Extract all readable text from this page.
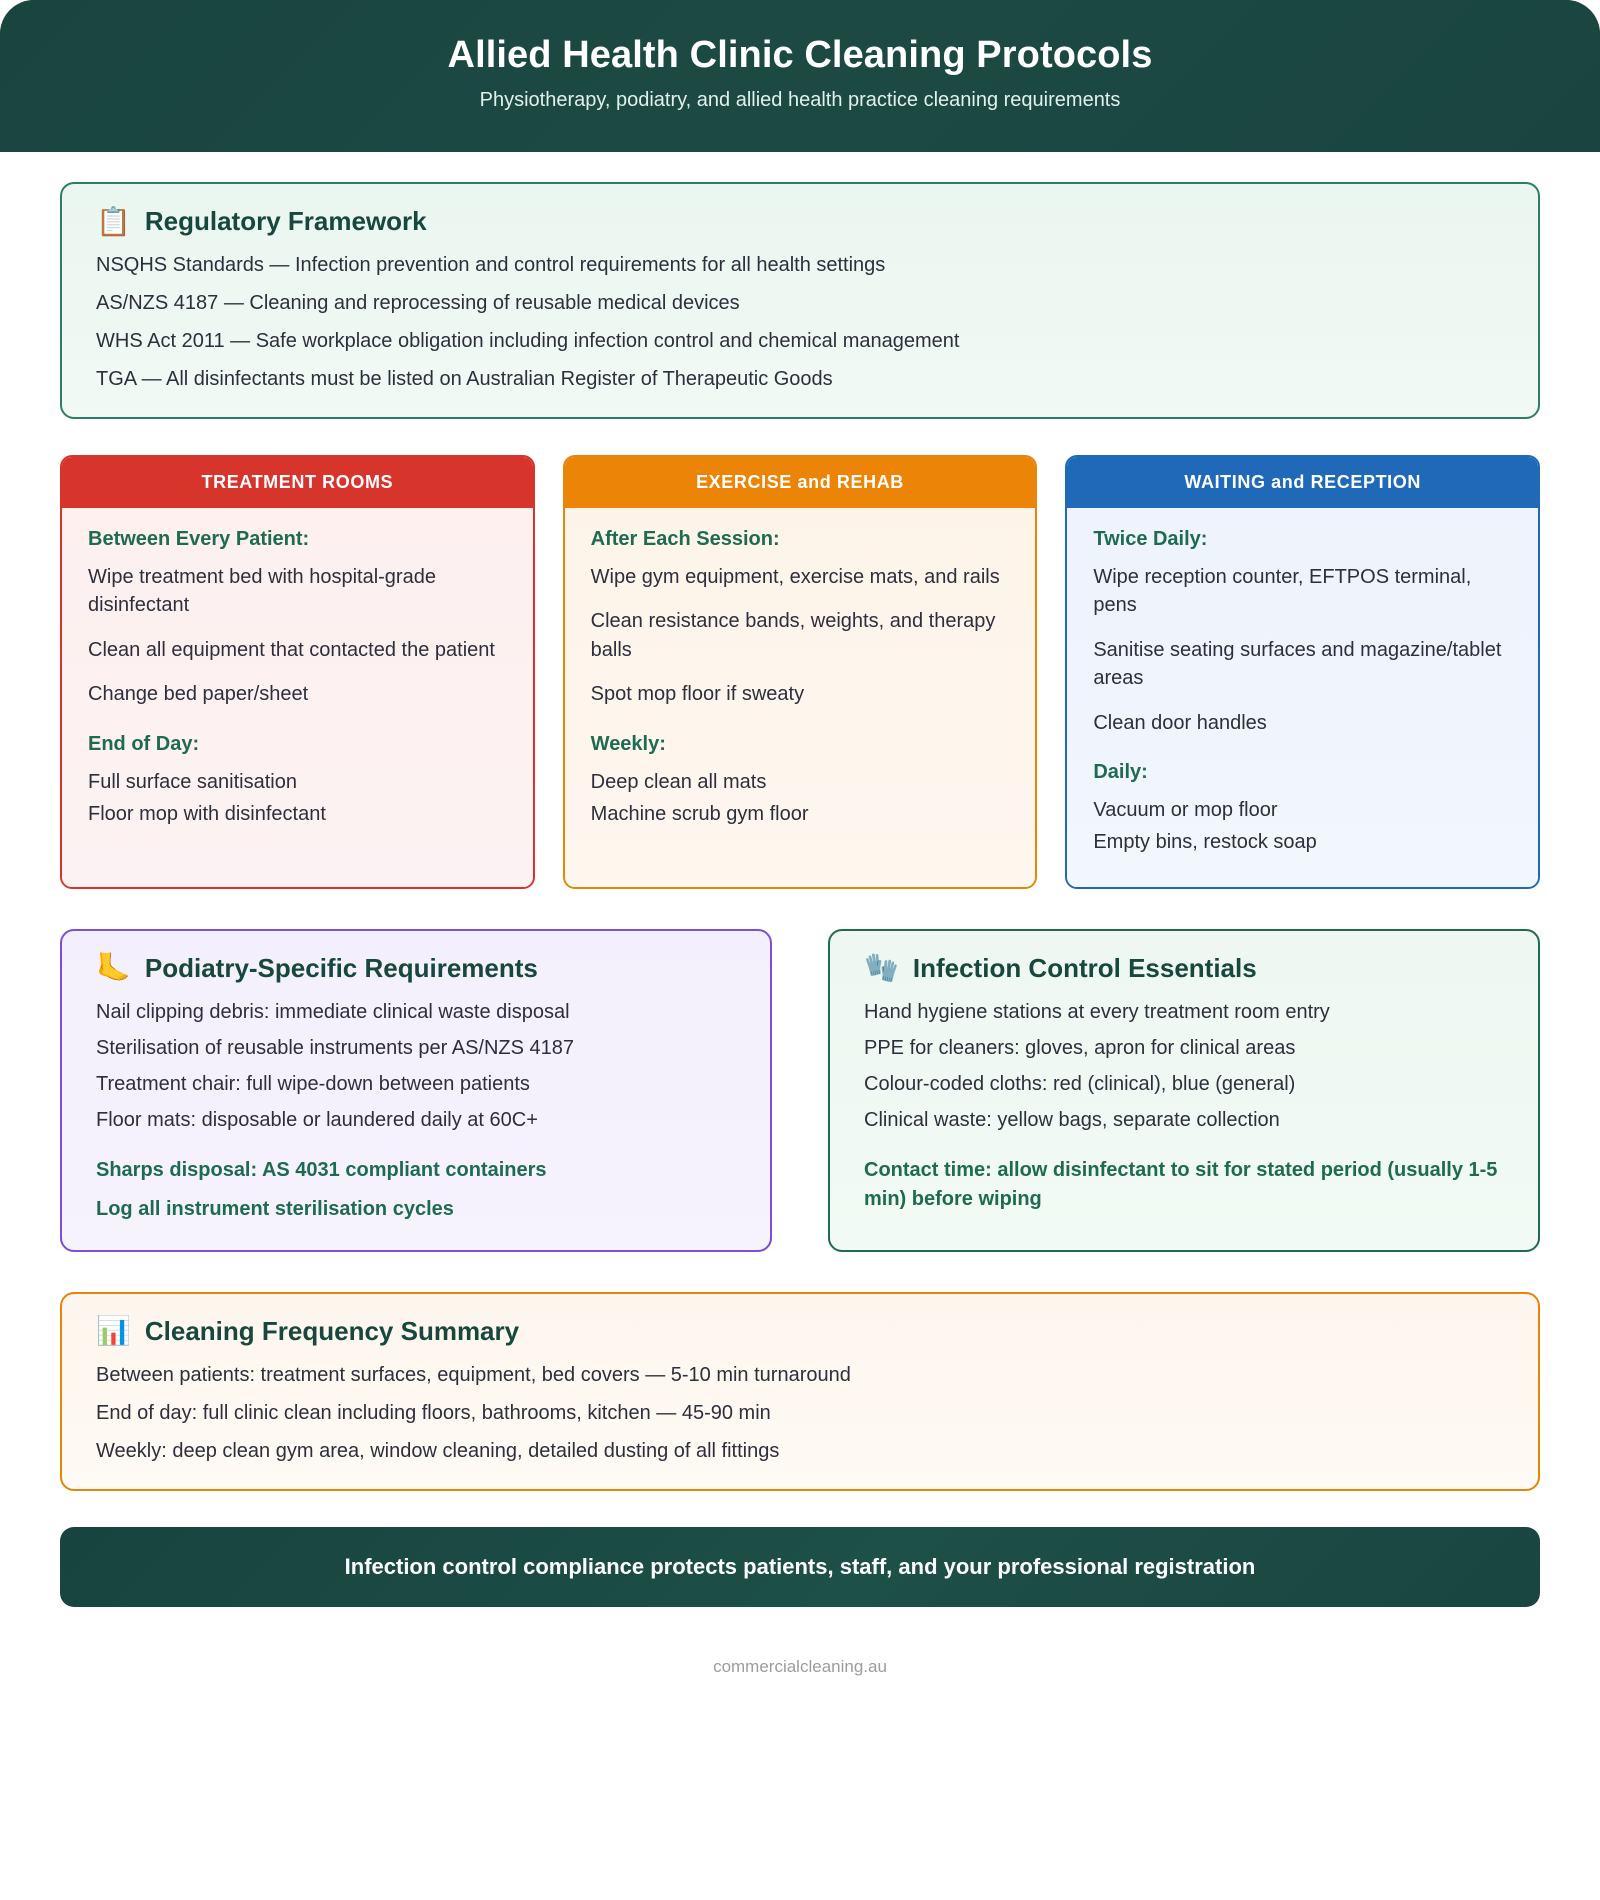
Allied Health Clinic Cleaning Protocols

Physiotherapy, podiatry, and allied health practice cleaning requirements

📋 Regulatory Framework

NSQHS Standards — Infection prevention and control requirements for all health settings

AS/NZS 4187 — Cleaning and reprocessing of reusable medical devices

WHS Act 2011 — Safe workplace obligation including infection control and chemical management

TGA — All disinfectants must be listed on Australian Register of Therapeutic Goods

TREATMENT ROOMS

Between Every Patient:

Wipe treatment bed with hospital-grade disinfectant

Clean all equipment that contacted the patient

Change bed paper/sheet

End of Day:

Full surface sanitisation

Floor mop with disinfectant

EXERCISE and REHAB

After Each Session:

Wipe gym equipment, exercise mats, and rails

Clean resistance bands, weights, and therapy balls

Spot mop floor if sweaty

Weekly:

Deep clean all mats

Machine scrub gym floor

WAITING and RECEPTION

Twice Daily:

Wipe reception counter, EFTPOS terminal, pens

Sanitise seating surfaces and magazine/tablet areas

Clean door handles

Daily:

Vacuum or mop floor

Empty bins, restock soap

🦶 Podiatry-Specific Requirements

Nail clipping debris: immediate clinical waste disposal

Sterilisation of reusable instruments per AS/NZS 4187

Treatment chair: full wipe-down between patients

Floor mats: disposable or laundered daily at 60C+

Sharps disposal: AS 4031 compliant containers

Log all instrument sterilisation cycles

🧤 Infection Control Essentials

Hand hygiene stations at every treatment room entry

PPE for cleaners: gloves, apron for clinical areas

Colour-coded cloths: red (clinical), blue (general)

Clinical waste: yellow bags, separate collection

Contact time: allow disinfectant to sit for stated period (usually 1-5 min) before wiping

📊 Cleaning Frequency Summary

Between patients: treatment surfaces, equipment, bed covers — 5-10 min turnaround

End of day: full clinic clean including floors, bathrooms, kitchen — 45-90 min

Weekly: deep clean gym area, window cleaning, detailed dusting of all fittings

Infection control compliance protects patients, staff, and your professional registration
commercialcleaning.au
